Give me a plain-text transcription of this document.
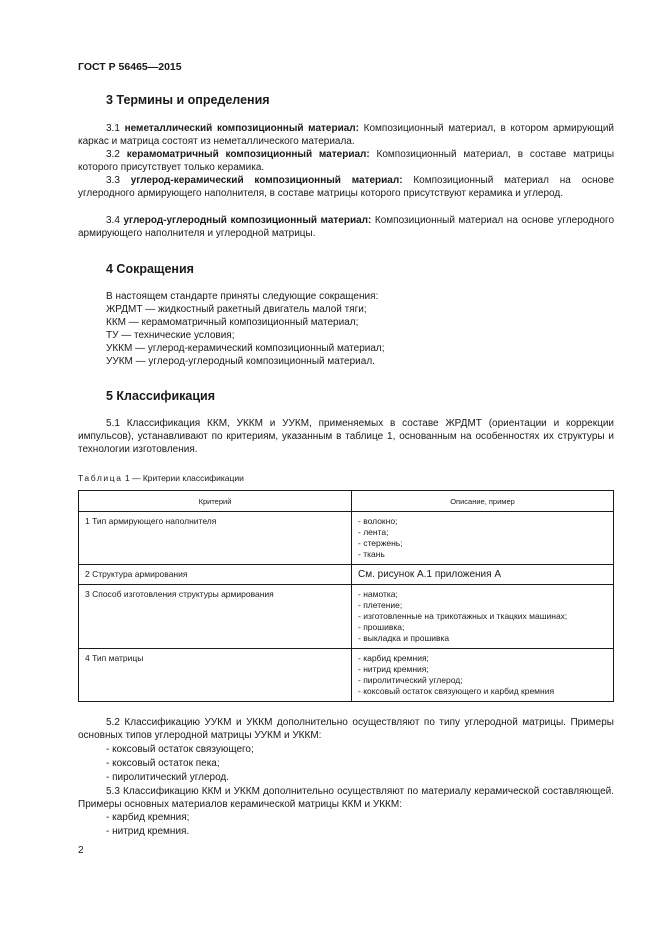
ГОСТ Р 56465—2015
3 Термины и определения
3.1 неметаллический композиционный материал: Композиционный материал, в котором армирующий каркас и матрица состоят из неметаллического материала.
3.2 керамоматричный композиционный материал: Композиционный материал, в составе матрицы которого присутствует только керамика.
3.3 углерод-керамический композиционный материал: Композиционный материал на основе углеродного армирующего наполнителя, в составе матрицы которого присутствуют керамика и углерод.
3.4 углерод-углеродный композиционный материал: Композиционный материал на основе углеродного армирующего наполнителя и углеродной матрицы.
4 Сокращения
В настоящем стандарте приняты следующие сокращения:
ЖРДМТ — жидкостный ракетный двигатель малой тяги;
ККМ — керамоматричный композиционный материал;
ТУ — технические условия;
УККМ — углерод-керамический композиционный материал;
УУКМ — углерод-углеродный композиционный материал.
5 Классификация
5.1 Классификация ККМ, УККМ и УУКМ, применяемых в составе ЖРДМТ (ориентации и коррекции импульсов), устанавливают по критериям, указанным в таблице 1, основанным на особенностях их структуры и технологии изготовления.
Таблица 1 — Критерии классификации
Критерий	Описание, пример
1 Тип армирующего наполнителя	- волокно;
- лента;
- стержень;
- ткань

2 Структура армирования	См. рисунок А.1 приложения А

3 Способ изготовления структуры армирования	- намотка;
- плетение;
- изготовленные на трикотажных и ткацких машинах;
- прошивка;
- выкладка и прошивка

4 Тип матрицы	- карбид кремния;
- нитрид кремния;
- пиролитический углерод;
- коксовый остаток связующего и карбид кремния
5.2 Классификацию УУКМ и УККМ дополнительно осуществляют по типу углеродной матрицы. Примеры основных типов углеродной матрицы УУКМ и УККМ:
- коксовый остаток связующего;
- коксовый остаток пека;
- пиролитический углерод.
5.3 Классификацию ККМ и УККМ дополнительно осуществляют по материалу керамической составляющей. Примеры основных материалов керамической матрицы ККМ и УККМ:
- карбид кремния;
- нитрид кремния.
2
